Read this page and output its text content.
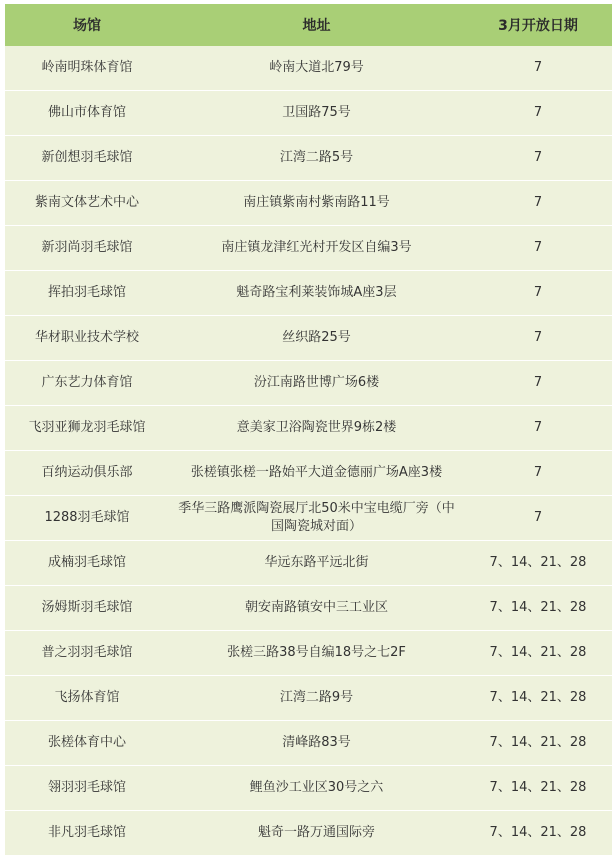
场馆	地址	3月开放日期
岭南明珠体育馆	岭南大道北79号	7
佛山市体育馆	卫国路75号	7
新创想羽毛球馆	江湾二路5号	7
紫南文体艺术中心	南庄镇紫南村紫南路11号	7
新羽尚羽毛球馆	南庄镇龙津红光村开发区自编3号	7
挥拍羽毛球馆	魁奇路宝利莱装饰城A座3层	7
华材职业技术学校	丝织路25号	7
广东艺力体育馆	汾江南路世博广场6楼	7
飞羽亚狮龙羽毛球馆	意美家卫浴陶瓷世界9栋2楼	7
百纳运动俱乐部	张槎镇张槎一路始平大道金德丽广场A座3楼	7
1288羽毛球馆	季华三路鹰派陶瓷展厅北50米中宝电缆厂旁（中国陶瓷城对面）	7
成楠羽毛球馆	华远东路平远北街	7、14、21、28
汤姆斯羽毛球馆	朝安南路镇安中三工业区	7、14、21、28
普之羽羽毛球馆	张槎三路38号自编18号之七2F	7、14、21、28
飞扬体育馆	江湾二路9号	7、14、21、28
张槎体育中心	清峰路83号	7、14、21、28
翎羽羽毛球馆	鲤鱼沙工业区30号之六	7、14、21、28
非凡羽毛球馆	魁奇一路万通国际旁	7、14、21、28
